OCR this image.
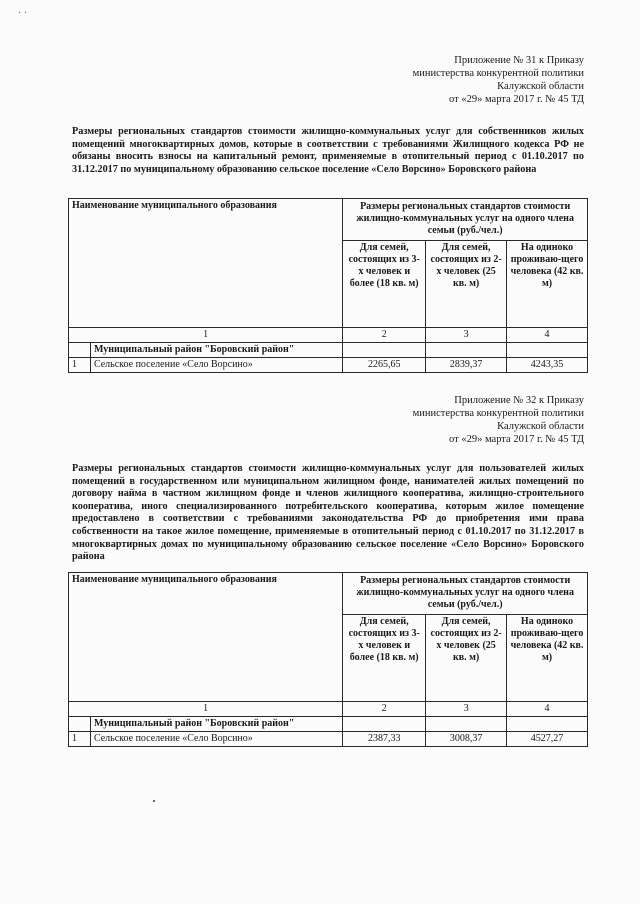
· ·
Приложение № 31 к Приказу
министерства конкурентной политики
Калужской области
от «29» марта 2017 г. № 45 ТД
Размеры региональных стандартов стоимости жилищно-коммунальных услуг для собственников жилых помещений многоквартирных домов, которые в соответствии с требованиями Жилищного кодекса РФ не обязаны вносить взносы на капитальный ремонт, применяемые в отопительный период с 01.10.2017 по 31.12.2017 по муниципальному образованию сельское поселение «Село Ворсино» Боровского района
Наименование муниципального образования		Размеры региональных стандартов стоимости жилищно-коммунальных услуг на одного члена семьи (руб./чел.)		
		Для семей, состоящих из 3-х человек и более (18 кв. м)	Для семей, состоящих из 2-х человек (25 кв. м)	На одиноко проживаю-щего человека (42 кв. м)
1		2	3	4
	Муниципальный район "Боровский район"			
1	Сельское поселение «Село Ворсино»	2265,65	2839,37	4243,35
Приложение № 32 к Приказу
министерства конкурентной политики
Калужской области
от «29» марта 2017 г. № 45 ТД
Размеры региональных стандартов стоимости жилищно-коммунальных услуг для пользователей жилых помещений в государственном или муниципальном жилищном фонде, нанимателей жилых помещений по договору найма в частном жилищном фонде и членов жилищного кооператива, жилищно-строительного кооператива, иного специализированного потребительского кооператива, которым жилое помещение предоставлено в соответствии с требованиями законодательства РФ до приобретения ими права собственности на такое жилое помещение, применяемые в отопительный период с 01.10.2017 по 31.12.2017 в многоквартирных домах по муниципальному образованию сельское поселение «Село Ворсино» Боровского района
Наименование муниципального образования		Размеры региональных стандартов стоимости жилищно-коммунальных услуг на одного члена семьи (руб./чел.)		
		Для семей, состоящих из 3-х человек и более (18 кв. м)	Для семей, состоящих из 2-х человек (25 кв. м)	На одиноко проживаю-щего человека (42 кв. м)
1		2	3	4
	Муниципальный район "Боровский район"			
1	Сельское поселение «Село Ворсино»	2387,33	3008,37	4527,27
